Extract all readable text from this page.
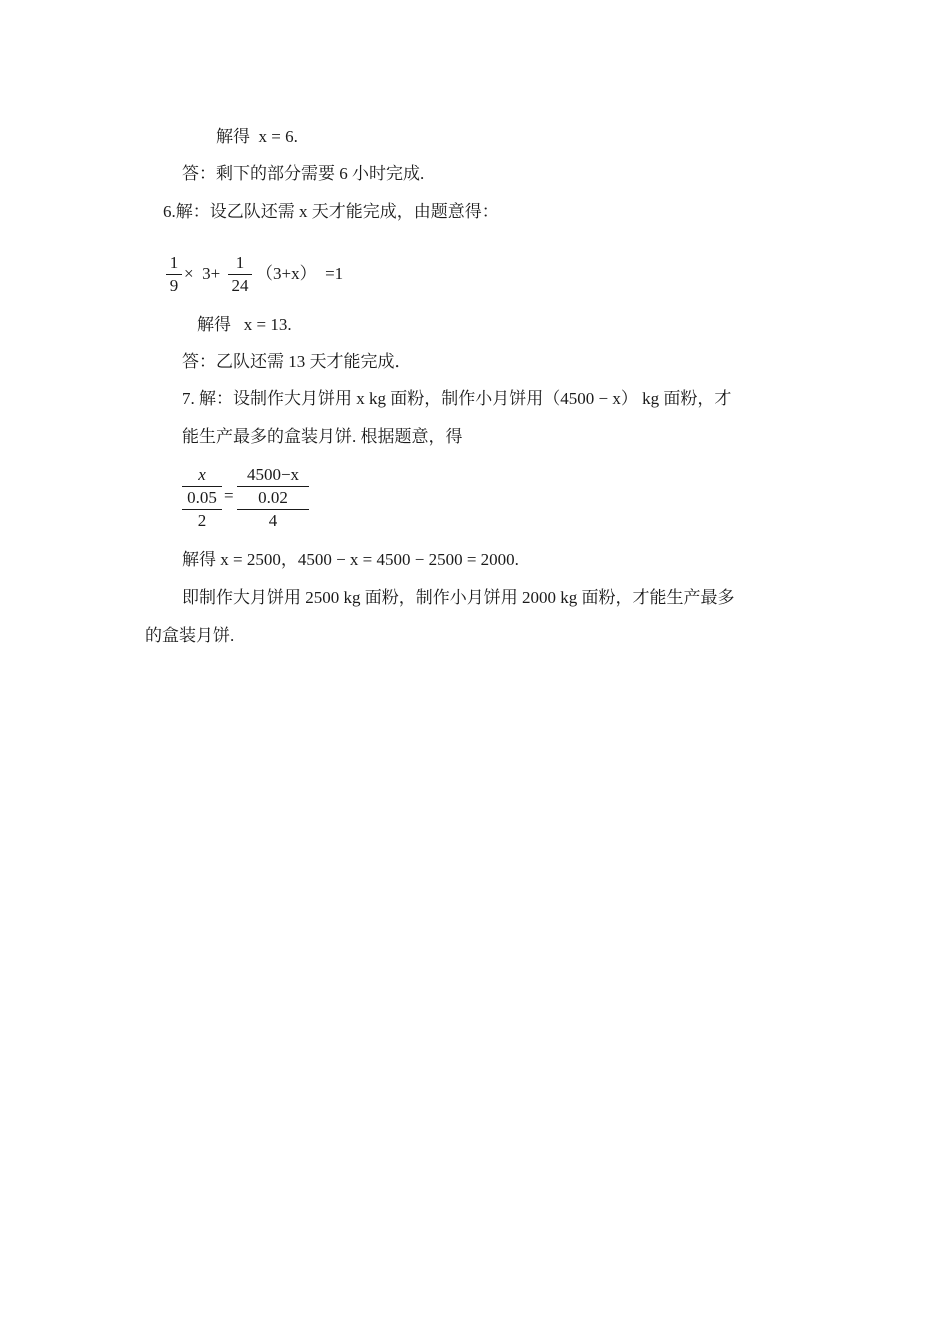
解得  x = 6.
答：剩下的部分需要 6 小时完成.
6.解：设乙队还需 x 天才能完成，由题意得：
1
9
×  3+
1
24
（3+x）  =1
解得   x = 13.
答：乙队还需 13 天才能完成．
7. 解：设制作大月饼用 x kg 面粉，制作小月饼用（4500 − x） kg 面粉，才
能生产最多的盒装月饼. 根据题意，得
x
0.05
2
=
4500−x
0.02
4
解得 x = 2500，4500 − x = 4500 − 2500 = 2000.
即制作大月饼用 2500 kg 面粉，制作小月饼用 2000 kg 面粉，才能生产最多
的盒装月饼.
